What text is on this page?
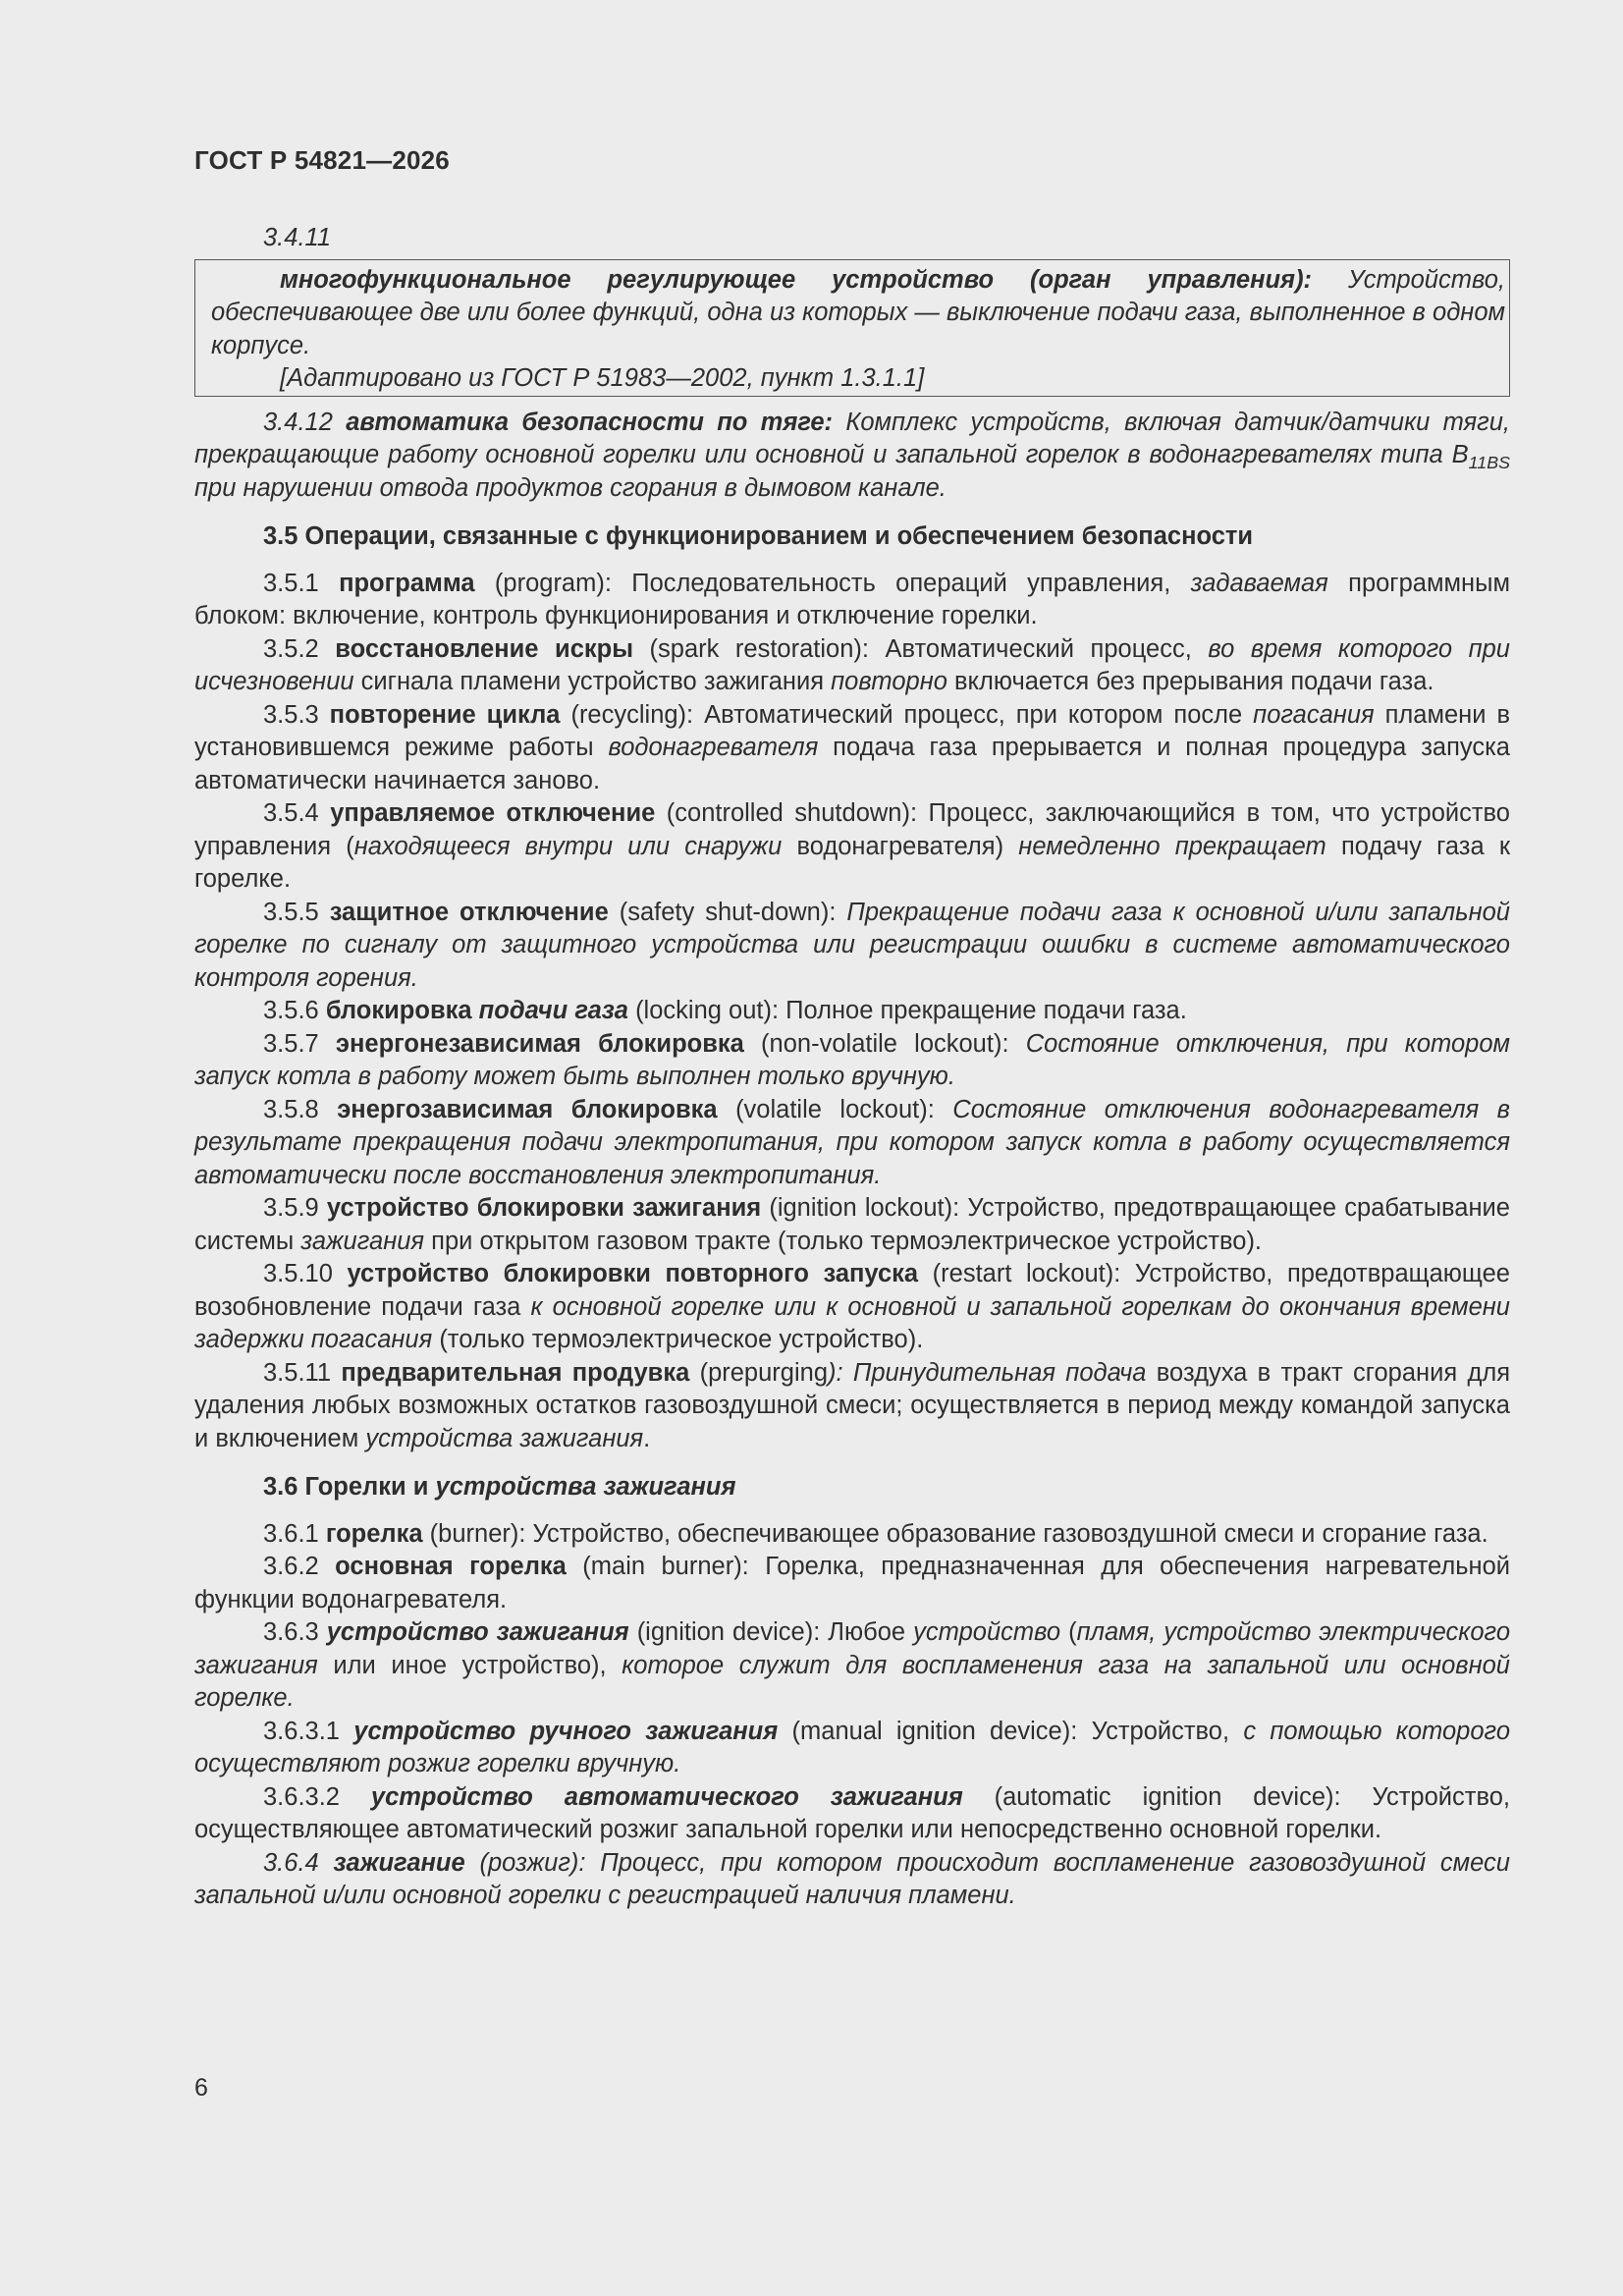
ГОСТ Р 54821—2026

3.4.11

многофункциональное регулирующее устройство (орган управления): Устройство, обеспечивающее две или более функций, одна из которых — выключение подачи газа, выполненное в одном корпусе.

[Адаптировано из ГОСТ Р 51983—2002, пункт 1.3.1.1]

3.4.12 автоматика безопасности по тяге: Комплекс устройств, включая датчик/датчики тяги, прекращающие работу основной горелки или основной и запальной горелок в водонагревателях типа $В_{11BS}$ при нарушении отвода продуктов сгорания в дымовом канале.

3.5 Операции, связанные с функционированием и обеспечением безопасности

3.5.1 программа (program): Последовательность операций управления, задаваемая программным блоком: включение, контроль функционирования и отключение горелки.

3.5.2 восстановление искры (spark restoration): Автоматический процесс, во время которого при исчезновении сигнала пламени устройство зажигания повторно включается без прерывания подачи газа.

3.5.3 повторение цикла (recycling): Автоматический процесс, при котором после погасания пламени в установившемся режиме работы водонагревателя подача газа прерывается и полная процедура запуска автоматически начинается заново.

3.5.4 управляемое отключение (controlled shutdown): Процесс, заключающийся в том, что устройство управления (находящееся внутри или снаружи водонагревателя) немедленно прекращает подачу газа к горелке.

3.5.5 защитное отключение (safety shut-down): Прекращение подачи газа к основной и/или запальной горелке по сигналу от защитного устройства или регистрации ошибки в системе автоматического контроля горения.

3.5.6 блокировка подачи газа (locking out): Полное прекращение подачи газа.

3.5.7 энергонезависимая блокировка (non-volatile lockout): Состояние отключения, при котором запуск котла в работу может быть выполнен только вручную.

3.5.8 энергозависимая блокировка (volatile lockout): Состояние отключения водонагревателя в результате прекращения подачи электропитания, при котором запуск котла в работу осуществляется автоматически после восстановления электропитания.

3.5.9 устройство блокировки зажигания (ignition lockout): Устройство, предотвращающее срабатывание системы зажигания при открытом газовом тракте (только термоэлектрическое устройство).

3.5.10 устройство блокировки повторного запуска (restart lockout): Устройство, предотвращающее возобновление подачи газа к основной горелке или к основной и запальной горелкам до окончания времени задержки погасания (только термоэлектрическое устройство).

3.5.11 предварительная продувка (prepurging): Принудительная подача воздуха в тракт сгорания для удаления любых возможных остатков газовоздушной смеси; осуществляется в период между командой запуска и включением устройства зажигания.

3.6 Горелки и устройства зажигания

3.6.1 горелка (burner): Устройство, обеспечивающее образование газовоздушной смеси и сгорание газа.

3.6.2 основная горелка (main burner): Горелка, предназначенная для обеспечения нагревательной функции водонагревателя.

3.6.3 устройство зажигания (ignition device): Любое устройство (пламя, устройство электрического зажигания или иное устройство), которое служит для воспламенения газа на запальной или основной горелке.

3.6.3.1 устройство ручного зажигания (manual ignition device): Устройство, с помощью которого осуществляют розжиг горелки вручную.

3.6.3.2 устройство автоматического зажигания (automatic ignition device): Устройство, осуществляющее автоматический розжиг запальной горелки или непосредственно основной горелки.

3.6.4 зажигание (розжиг): Процесс, при котором происходит воспламенение газовоздушной смеси запальной и/или основной горелки с регистрацией наличия пламени.

6
